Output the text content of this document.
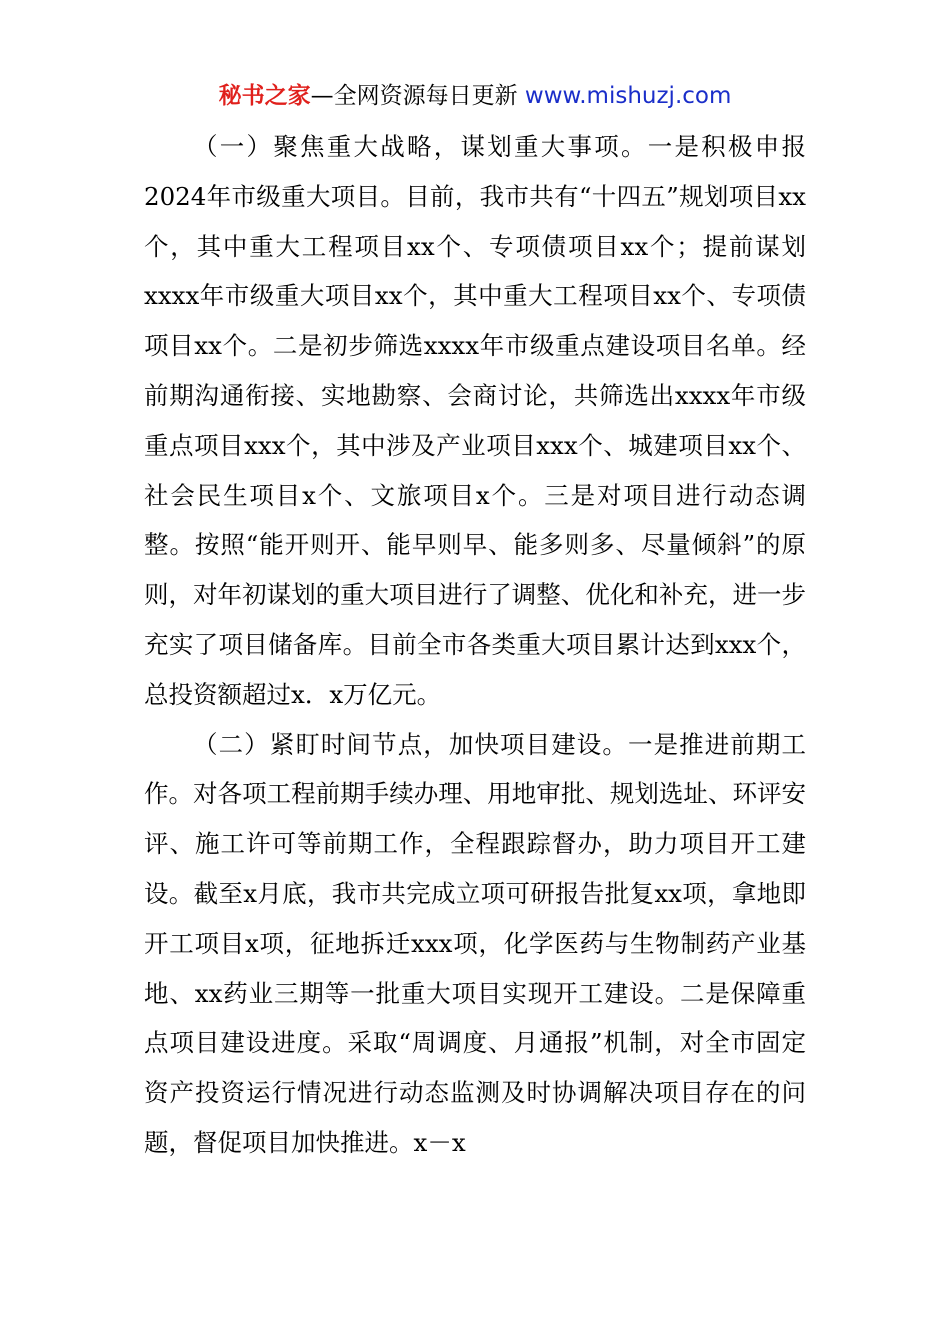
秘书之家—全网资源每日更新 www.mishuzj.com

（一）聚焦重大战略，谋划重大事项。一是积极申报2024年市级重大项目。目前，我市共有“十四五”规划项目xx个，其中重大工程项目xx个、专项债项目xx个；提前谋划xxxx年市级重大项目xx个，其中重大工程项目xx个、专项债项目xx个。二是初步筛选xxxx年市级重点建设项目名单。经前期沟通衔接、实地勘察、会商讨论，共筛选出xxxx年市级重点项目xxx个，其中涉及产业项目xxx个、城建项目xx个、社会民生项目x个、文旅项目x个。三是对项目进行动态调整。按照“能开则开、能早则早、能多则多、尽量倾斜”的原则，对年初谋划的重大项目进行了调整、优化和补充，进一步充实了项目储备库。目前全市各类重大项目累计达到xxx个，总投资额超过x．x万亿元。

（二）紧盯时间节点，加快项目建设。一是推进前期工作。对各项工程前期手续办理、用地审批、规划选址、环评安评、施工许可等前期工作，全程跟踪督办，助力项目开工建设。截至x月底，我市共完成立项可研报告批复xx项，拿地即开工项目x项，征地拆迁xxx项，化学医药与生物制药产业基地、xx药业三期等一批重大项目实现开工建设。二是保障重点项目建设进度。采取“周调度、月通报”机制，对全市固定资产投资运行情况进行动态监测及时协调解决项目存在的问题，督促项目加快推进。x－x
